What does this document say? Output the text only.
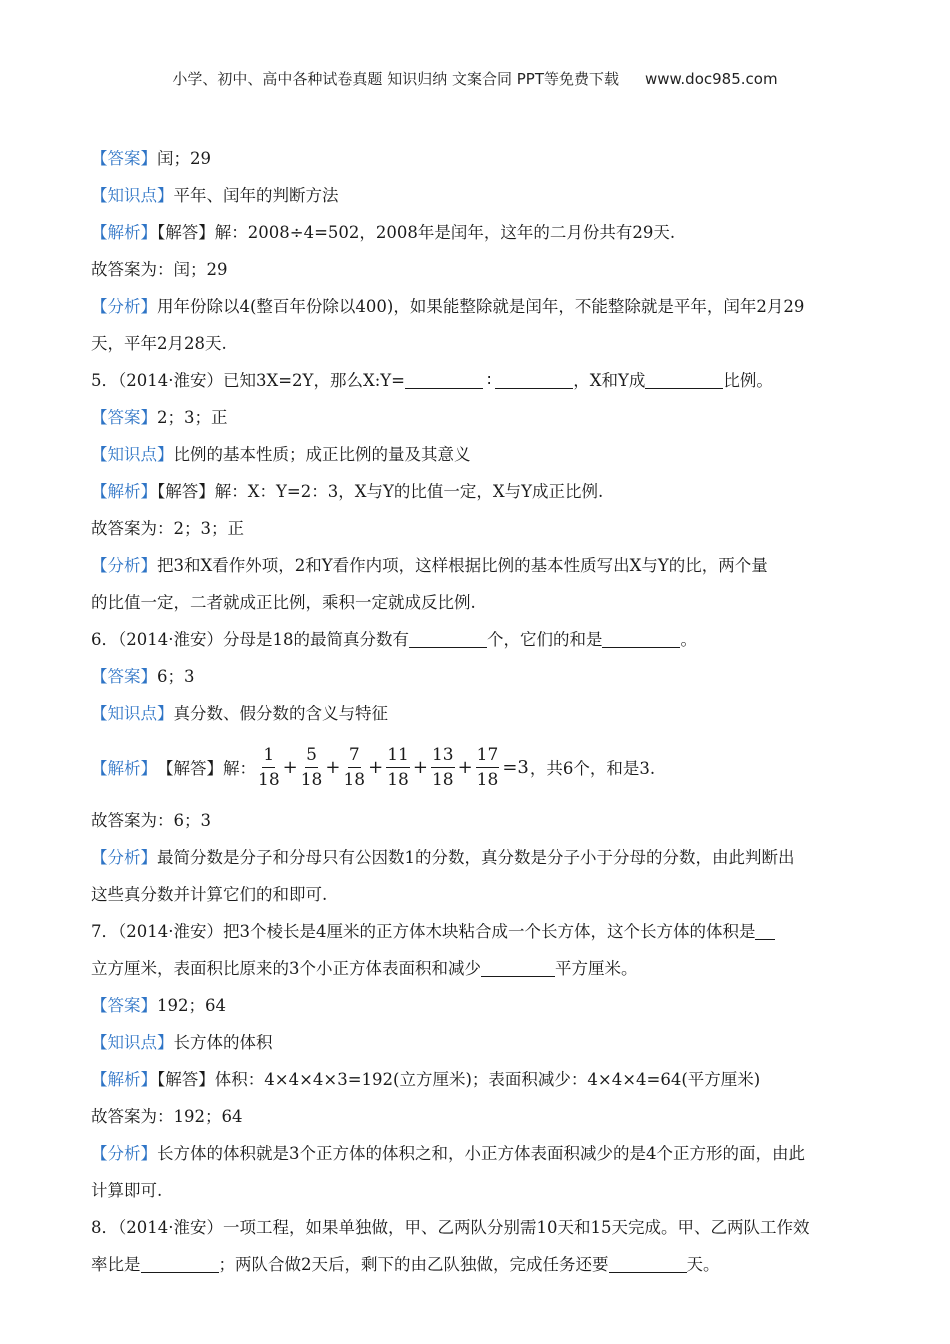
小学、初中、高中各种试卷真题 知识归纳 文案合同 PPT等免费下载 www.doc985.com
【答案】闰；29
【知识点】平年、闰年的判断方法
【解析】【解答】解：2008÷4=502，2008年是闰年，这年的二月份共有29天.
故答案为：闰；29
【分析】用年份除以4(整百年份除以400)，如果能整除就是闰年，不能整除就是平年，闰年2月29
天，平年2月28天.
5．（2014·淮安）已知3X=2Y，那么X:Y=	∶	，X和Y成	比例。
【答案】2；3；正
【知识点】比例的基本性质；成正比例的量及其意义
【解析】【解答】解：X：Y=2：3，X与Y的比值一定，X与Y成正比例.
故答案为：2；3；正
【分析】把3和X看作外项，2和Y看作内项，这样根据比例的基本性质写出X与Y的比，两个量
的比值一定，二者就成正比例，乘积一定就成反比例.
6．（2014·淮安）分母是18的最简真分数有	个，它们的和是	。
【答案】6；3
【知识点】真分数、假分数的含义与特征
【解析】 【解答】 解： $\frac{1}{18} + \frac{5}{18} + \frac{7}{18} + \frac{11}{18} + \frac{13}{18} + \frac{17}{18} =3$ ，共6个，和是3.
故答案为：6；3
【分析】最简分数是分子和分母只有公因数1的分数，真分数是分子小于分母的分数，由此判断出
这些真分数并计算它们的和即可.
7．（2014·淮安）把3个棱长是4厘米的正方体木块粘合成一个长方体，这个长方体的体积是
立方厘米，表面积比原来的3个小正方体表面积和减少	平方厘米。
【答案】192；64
【知识点】长方体的体积
【解析】【解答】体积：4×4×4×3=192(立方厘米)；表面积减少：4×4×4=64(平方厘米)
故答案为：192；64
【分析】长方体的体积就是3个正方体的体积之和，小正方体表面积减少的是4个正方形的面，由此
计算即可.
8．（2014·淮安）一项工程，如果单独做，甲、乙两队分别需10天和15天完成。甲、乙两队工作效
率比是	；两队合做2天后，剩下的由乙队独做，完成任务还要	天。
